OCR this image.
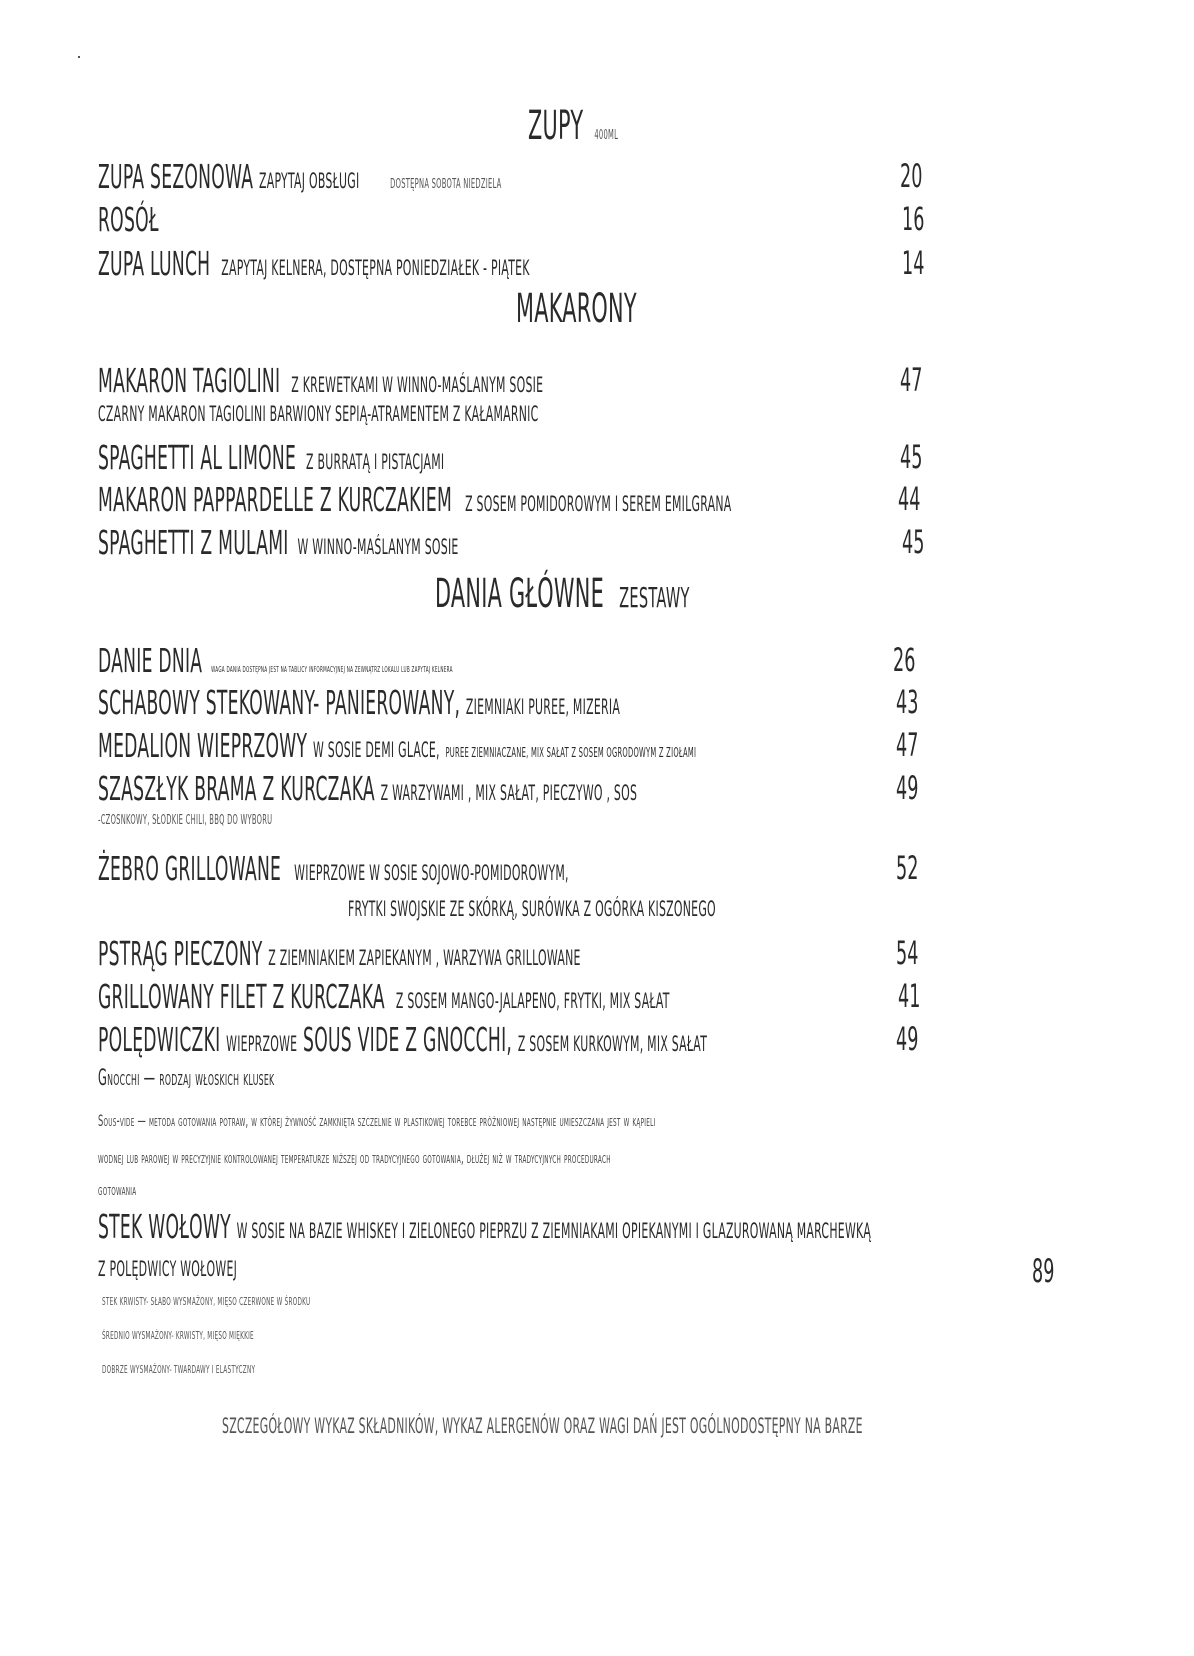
ZUPY 400ML
ZUPA SEZONOWA ZAPYTAJ OBSŁUGI DOSTĘPNA SOBOTA NIEDZIELA	20
ROSÓŁ	16
ZUPA LUNCH ZAPYTAJ KELNERA, DOSTĘPNA PONIEDZIAŁEK - PIĄTEK	14
MAKARONY
MAKARON TAGIOLINI Z KREWETKAMI W WINNO-MAŚLANYM SOSIE	47
CZARNY MAKARON TAGIOLINI BARWIONY SEPIĄ-ATRAMENTEM Z KAŁAMARNIC
SPAGHETTI AL LIMONE Z BURRATĄ I PISTACJAMI	45
MAKARON PAPPARDELLE Z KURCZAKIEM Z SOSEM POMIDOROWYM I SEREM EMILGRANA	44
SPAGHETTI Z MULAMI W WINNO-MAŚLANYM SOSIE	45
DANIA GŁÓWNE ZESTAWY
DANIE DNIA WAGA DANIA DOSTĘPNA JEST NA TABLICY INFORMACYJNEJ NA ZEWNĄTRZ LOKALU LUB ZAPYTAJ KELNERA	26
SCHABOWY STEKOWANY- PANIEROWANY, ZIEMNIAKI PUREE, MIZERIA	43
MEDALION WIEPRZOWY W SOSIE DEMI GLACE, PUREE ZIEMNIACZANE, MIX SAŁAT Z SOSEM OGRODOWYM Z ZIOŁAMI	47
SZASZŁYK BRAMA Z KURCZAKA Z WARZYWAMI , MIX SAŁAT, PIECZYWO , SOS	49
-CZOSNKOWY, SŁODKIE CHILI, BBQ DO WYBORU
ŻEBRO GRILLOWANE WIEPRZOWE W SOSIE SOJOWO-POMIDOROWYM,	52
FRYTKI SWOJSKIE ZE SKÓRKĄ, SURÓWKA Z OGÓRKA KISZONEGO
PSTRĄG PIECZONY Z ZIEMNIAKIEM ZAPIEKANYM , WARZYWA GRILLOWANE	54
GRILLOWANY FILET Z KURCZAKA Z SOSEM MANGO-JALAPENO, FRYTKI, MIX SAŁAT	41
POLĘDWICZKI WIEPRZOWE SOUS VIDE Z GNOCCHI, Z SOSEM KURKOWYM, MIX SAŁAT	49
Gnocchi — rodzaj włoskich klusek
Sous-vide — metoda gotowania potraw, w której żywność zamknięta szczelnie w plastikowej torebce próżniowej następnie umieszczana jest w kąpieli
wodnej lub parowej w precyzyjnie kontrolowanej temperaturze niższej od tradycyjnego gotowania, dłużej niż w tradycyjnych procedurach
gotowania
STEK WOŁOWY W SOSIE NA BAZIE WHISKEY I ZIELONEGO PIEPRZU Z ZIEMNIAKAMI OPIEKANYMI I GLAZUROWANĄ MARCHEWKĄ
Z POLĘDWICY WOŁOWEJ	89
STEK KRWISTY- SŁABO WYSMAŻONY, MIĘSO CZERWONE W ŚRODKU
ŚREDNIO WYSMAŻONY- KRWISTY, MIĘSO MIĘKKIE
DOBRZE WYSMAŻONY- TWARDAWY I ELASTYCZNY
SZCZEGÓŁOWY WYKAZ SKŁADNIKÓW, WYKAZ ALERGENÓW ORAZ WAGI DAŃ JEST OGÓLNODOSTĘPNY NA BARZE
